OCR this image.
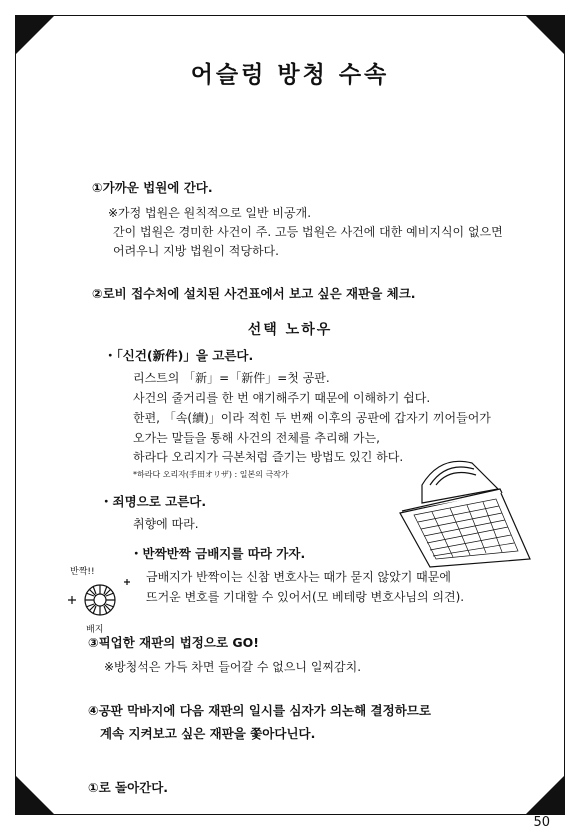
어슬렁 방청 수속
①가까운 법원에 간다.
※가정 법원은 원칙적으로 일반 비공개.
간이 법원은 경미한 사건이 주. 고등 법원은 사건에 대한 예비지식이 없으면
어려우니 지방 법원이 적당하다.
②로비 접수처에 설치된 사건표에서 보고 싶은 재판을 체크.
선택 노하우
・「신건(新件)」을 고른다.
리스트의 「新」=「新件」=첫 공판.
사건의 줄거리를 한 번 얘기해주기 때문에 이해하기 쉽다.
한편, 「속(續)」이라 적힌 두 번째 이후의 공판에 갑자기 끼어들어가
오가는 말들을 통해 사건의 전체를 추리해 가는,
하라다 오리지가 극본처럼 즐기는 방법도 있긴 하다.
*하라다 오리자(手田オリザ) : 일본의 극작가
・죄명으로 고른다.
취향에 따라.
・반짝반짝 금배지를 따라 가자.
금배지가 반짝이는 신참 변호사는 때가 묻지 않았기 때문에
뜨거운 변호를 기대할 수 있어서(모 베테랑 변호사님의 의견).
반짝!!
배지
③픽업한 재판의 법정으로 GO!
※방청석은 가득 차면 들어갈 수 없으니 일찌감치.
④공판 막바지에 다음 재판의 일시를 심자가 의논해 결정하므로
계속 지켜보고 싶은 재판을 쫓아다닌다.
①로 돌아간다.
50
